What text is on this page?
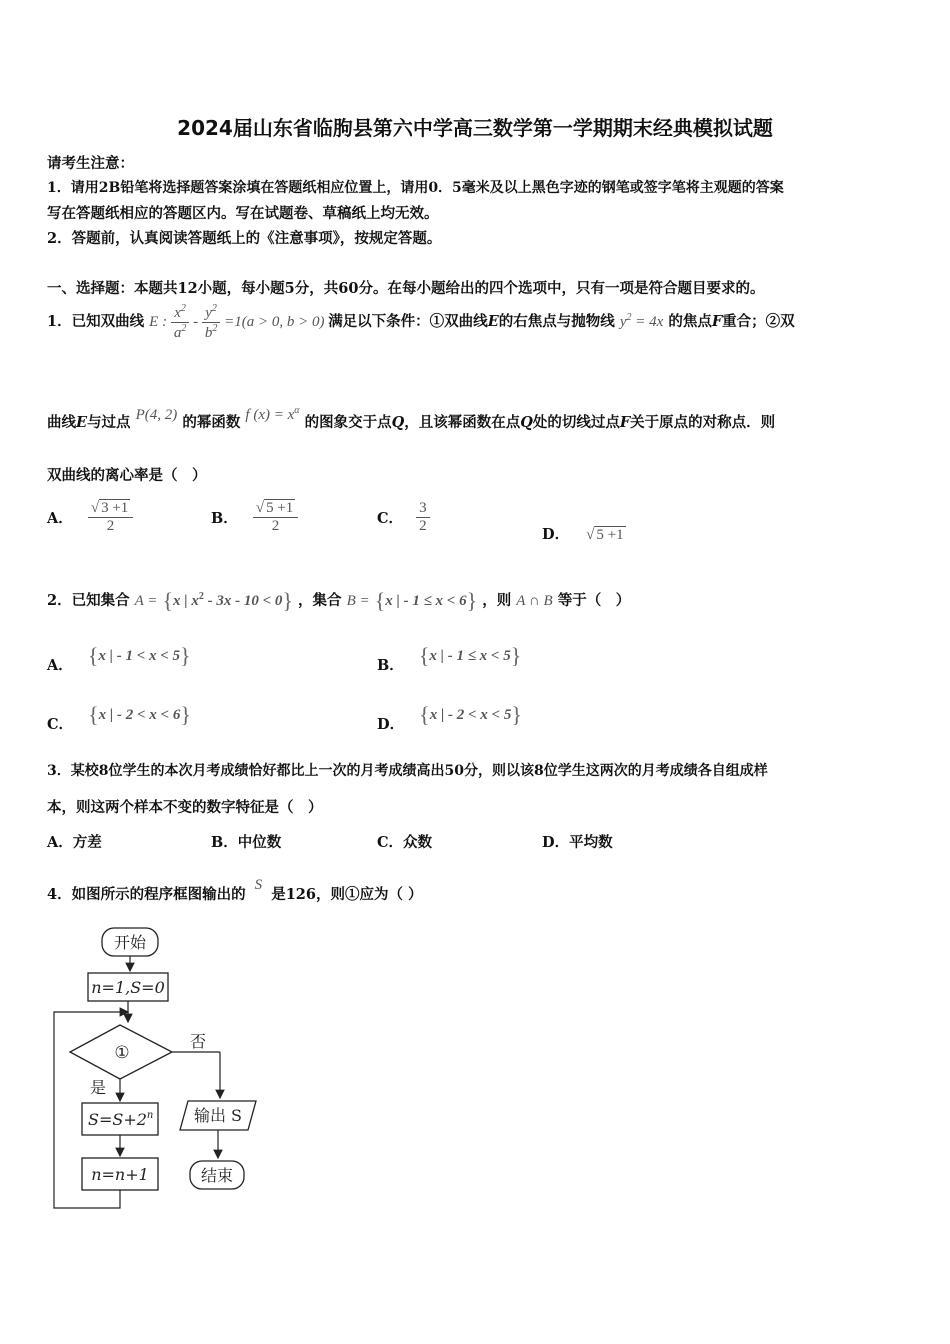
2024届山东省临朐县第六中学高三数学第一学期期末经典模拟试题
请考生注意：
1．请用2B铅笔将选择题答案涂填在答题纸相应位置上，请用0．5毫米及以上黑色字迹的钢笔或签字笔将主观题的答案
写在答题纸相应的答题区内。写在试题卷、草稿纸上均无效。
2．答题前，认真阅读答题纸上的《注意事项》，按规定答题。
一、选择题：本题共12小题，每小题5分，共60分。在每小题给出的四个选项中，只有一项是符合题目要求的。
1．已知双曲线 E : $\frac{x^2}{a^2} - \frac{y^2}{b^2} =1(a > 0$, b > 0) 满足以下条件：①双曲线E的右焦点与抛物线 $y^2 = 4x$ 的焦点F重合；②双
曲线E与过点 P(4, 2) 的幂函数 f $(x) = x^\alpha$ 的图象交于点Q，且该幂函数在点Q处的切线过点F关于原点的对称点．则
双曲线的离心率是（　）
A． $\frac{√ 3 +1}{2}$	B． $\frac{√ 5 +1}{2}$	C． $\frac{3}{2}$	D． √ 5 +1
2．已知集合 A = {x | $x^2 - 3x - 10 < 0$} ，集合 B = {x | - 1 ≤ x < 6} ，则 A ∩ B 等于（　）
A． {x | - 1 < x < 5}	B． {x | - 1 ≤ x < 5}
C． {x | - 2 < x < 6}	D． {x | - 2 < x < 5}
3．某校8位学生的本次月考成绩恰好都比上一次的月考成绩高出50分，则以该8位学生这两次的月考成绩各自组成样
本，则这两个样本不变的数字特征是（　）
A．方差	B．中位数	C．众数	D．平均数
4．如图所示的程序框图输出的 S 是126，则①应为（ ）
开始
n=1,S=0
①
否
是
$S=S+2^n$
n=n+1
输出 S
结束
